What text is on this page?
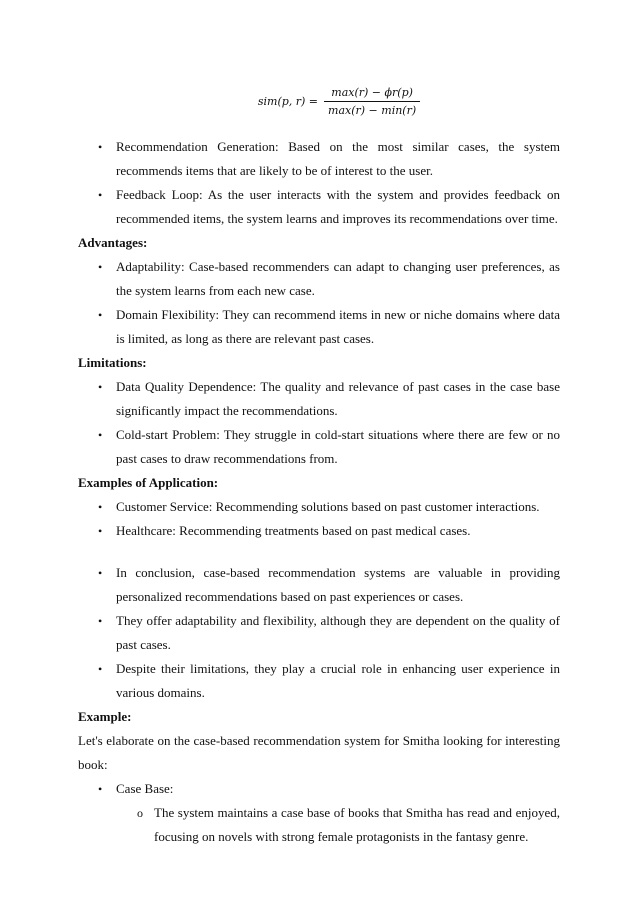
sim(p, $r) = \frac{\max(r) - \phi r(p)}{\max(r) - \min(r)}$

• Recommendation Generation: Based on the most similar cases, the system recommends items that are likely to be of interest to the user.

• Feedback Loop: As the user interacts with the system and provides feedback on recommended items, the system learns and improves its recommendations over time.

Advantages:

• Adaptability: Case-based recommenders can adapt to changing user preferences, as the system learns from each new case.

• Domain Flexibility: They can recommend items in new or niche domains where data is limited, as long as there are relevant past cases.

Limitations:

• Data Quality Dependence: The quality and relevance of past cases in the case base significantly impact the recommendations.

• Cold-start Problem: They struggle in cold-start situations where there are few or no past cases to draw recommendations from.

Examples of Application:

• Customer Service: Recommending solutions based on past customer interactions.

• Healthcare: Recommending treatments based on past medical cases.

• In conclusion, case-based recommendation systems are valuable in providing personalized recommendations based on past experiences or cases.

• They offer adaptability and flexibility, although they are dependent on the quality of past cases.

• Despite their limitations, they play a crucial role in enhancing user experience in various domains.

Example:

Let's elaborate on the case-based recommendation system for Smitha looking for interesting book:

• Case Base:

o The system maintains a case base of books that Smitha has read and enjoyed, focusing on novels with strong female protagonists in the fantasy genre.
